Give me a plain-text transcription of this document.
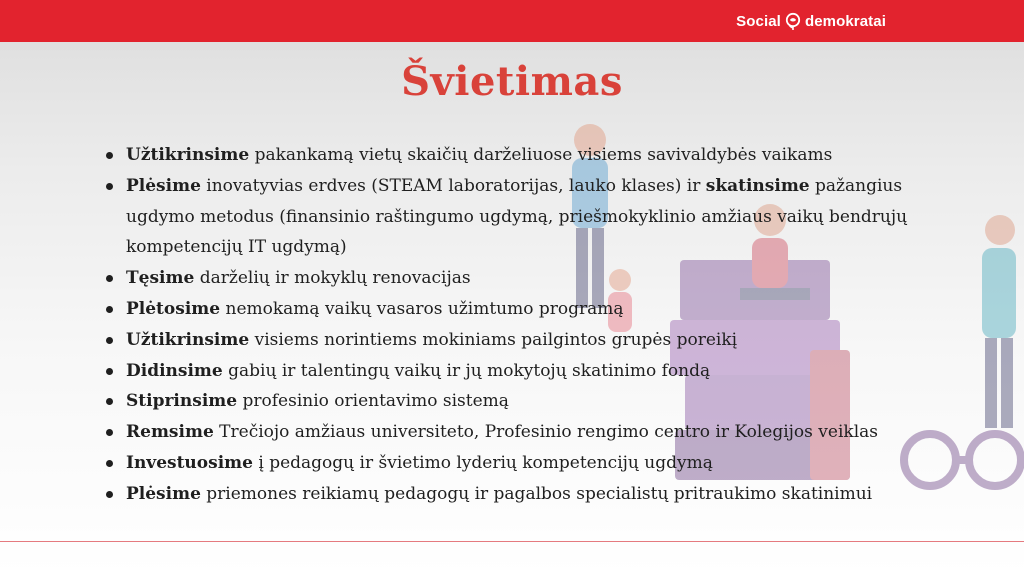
Social demokratai
Švietimas
Užtikrinsime pakankamą vietų skaičių darželiuose visiems savivaldybės vaikams
Plėsime inovatyvias erdves (STEAM laboratorijas, lauko klases) ir skatinsime pažangius ugdymo metodus (finansinio raštingumo ugdymą, priešmokyklinio amžiaus vaikų bendrųjų kompetencijų IT ugdymą)
Tęsime darželių ir mokyklų renovacijas
Plėtosime nemokamą vaikų vasaros užimtumo programą
Užtikrinsime visiems norintiems mokiniams pailgintos grupės poreikį
Didinsime gabių ir talentingų vaikų ir jų mokytojų skatinimo fondą
Stiprinsime profesinio orientavimo sistemą
Remsime Trečiojo amžiaus universiteto, Profesinio rengimo centro ir Kolegijos veiklas
Investuosime į pedagogų ir švietimo lyderių kompetencijų ugdymą
Plėsime priemones reikiamų pedagogų ir pagalbos specialistų pritraukimo skatinimui
